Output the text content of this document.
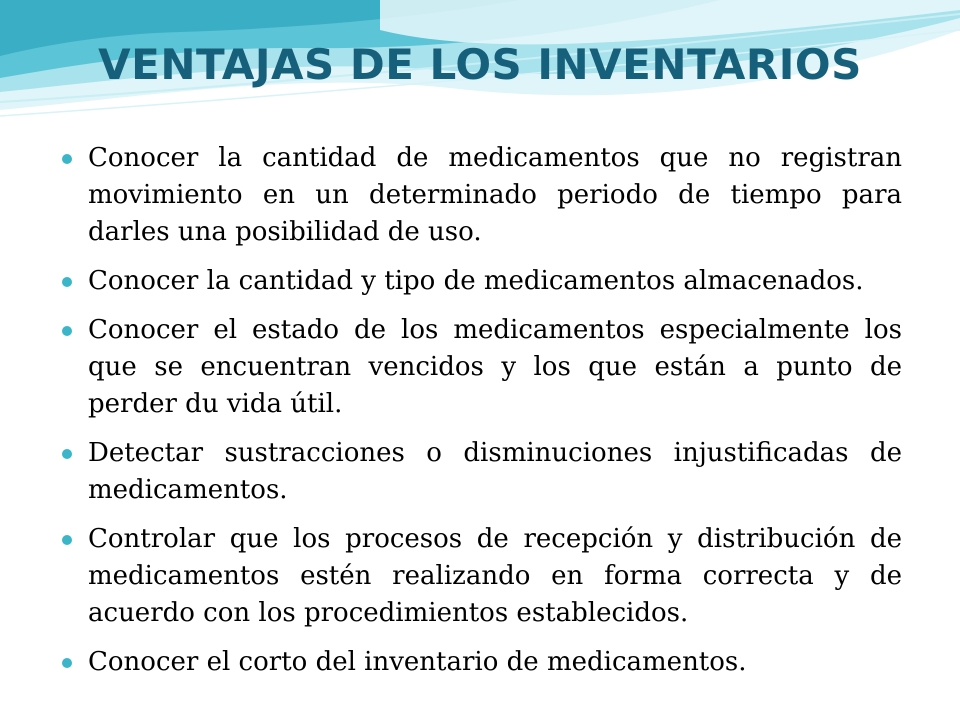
VENTAJAS DE LOS INVENTARIOS
Conocer la cantidad de medicamentos que no registran movimiento en un determinado periodo de tiempo para darles una posibilidad de uso.
Conocer la cantidad y tipo de medicamentos almacenados.
Conocer el estado de los medicamentos especialmente los que se encuentran vencidos y los que están a punto de perder du vida útil.
Detectar sustracciones o disminuciones injustificadas de medicamentos.
Controlar que los procesos de recepción y distribución de medicamentos estén realizando en forma correcta y de acuerdo con los procedimientos establecidos.
Conocer el corto del inventario de medicamentos.
